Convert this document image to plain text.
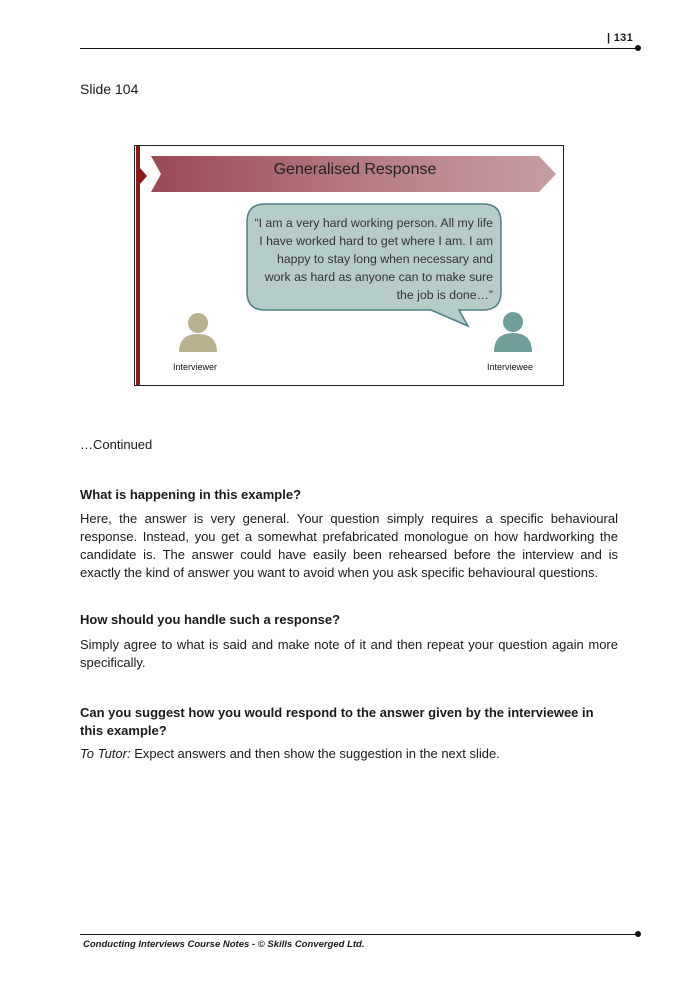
| 131
Slide 104
Generalised Response
“I am a very hard working person. All my life I have worked hard to get where I am. I am happy to stay long when necessary and work as hard as anyone can to make sure the job is done…”
Interviewer	Interviewee
…Continued
What is happening in this example?
Here, the answer is very general. Your question simply requires a specific behavioural response. Instead, you get a somewhat prefabricated monologue on how hardworking the candidate is. The answer could have easily been rehearsed before the interview and is exactly the kind of answer you want to avoid when you ask specific behavioural questions.
How should you handle such a response?
Simply agree to what is said and make note of it and then repeat your question again more specifically.
Can you suggest how you would respond to the answer given by the interviewee in this example?
To Tutor: Expect answers and then show the suggestion in the next slide.
Conducting Interviews Course Notes - © Skills Converged Ltd.
